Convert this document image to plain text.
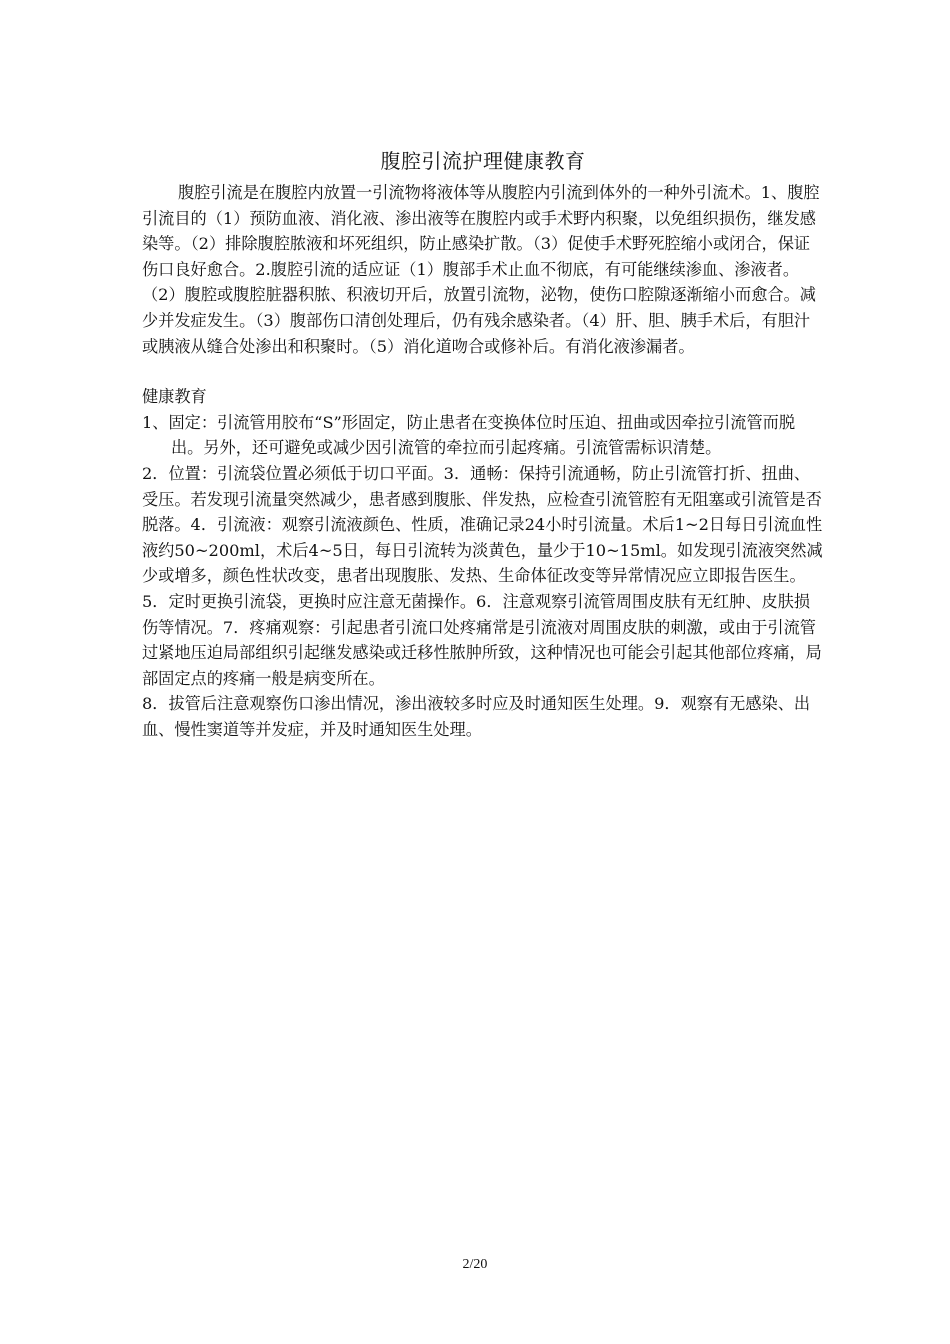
腹腔引流护理健康教育

腹腔引流是在腹腔内放置一引流物将液体等从腹腔内引流到体外的一种外引流术。1、腹腔引流目的（1）预防血液、消化液、渗出液等在腹腔内或手术野内积聚，以免组织损伤，继发感染等。（2）排除腹腔脓液和坏死组织，防止感染扩散。（3）促使手术野死腔缩小或闭合，保证伤口良好愈合。2.腹腔引流的适应证（1）腹部手术止血不彻底，有可能继续渗血、渗液者。（2）腹腔或腹腔脏器积脓、积液切开后，放置引流物，泌物，使伤口腔隙逐渐缩小而愈合。减少并发症发生。（3）腹部伤口清创处理后，仍有残余感染者。（4）肝、胆、胰手术后，有胆汁或胰液从缝合处渗出和积聚时。（5）消化道吻合或修补后。有消化液渗漏者。

健康教育

1、固定：引流管用胶布“S”形固定，防止患者在变换体位时压迫、扭曲或因牵拉引流管而脱出。另外，还可避免或减少因引流管的牵拉而引起疼痛。引流管需标识清楚。

2．位置：引流袋位置必须低于切口平面。3．通畅：保持引流通畅，防止引流管打折、扭曲、受压。若发现引流量突然减少，患者感到腹胀、伴发热，应检查引流管腔有无阻塞或引流管是否脱落。4．引流液：观察引流液颜色、性质，准确记录24小时引流量。术后1~2日每日引流血性液约50~200ml，术后4~5日，每日引流转为淡黄色，量少于10~15ml。如发现引流液突然减少或增多，颜色性状改变，患者出现腹胀、发热、生命体征改变等异常情况应立即报告医生。

5．定时更换引流袋，更换时应注意无菌操作。6．注意观察引流管周围皮肤有无红肿、皮肤损伤等情况。7．疼痛观察：引起患者引流口处疼痛常是引流液对周围皮肤的刺激，或由于引流管过紧地压迫局部组织引起继发感染或迁移性脓肿所致，这种情况也可能会引起其他部位疼痛，局部固定点的疼痛一般是病变所在。

8．拔管后注意观察伤口渗出情况，渗出液较多时应及时通知医生处理。9．观察有无感染、出血、慢性窦道等并发症，并及时通知医生处理。

2/20
